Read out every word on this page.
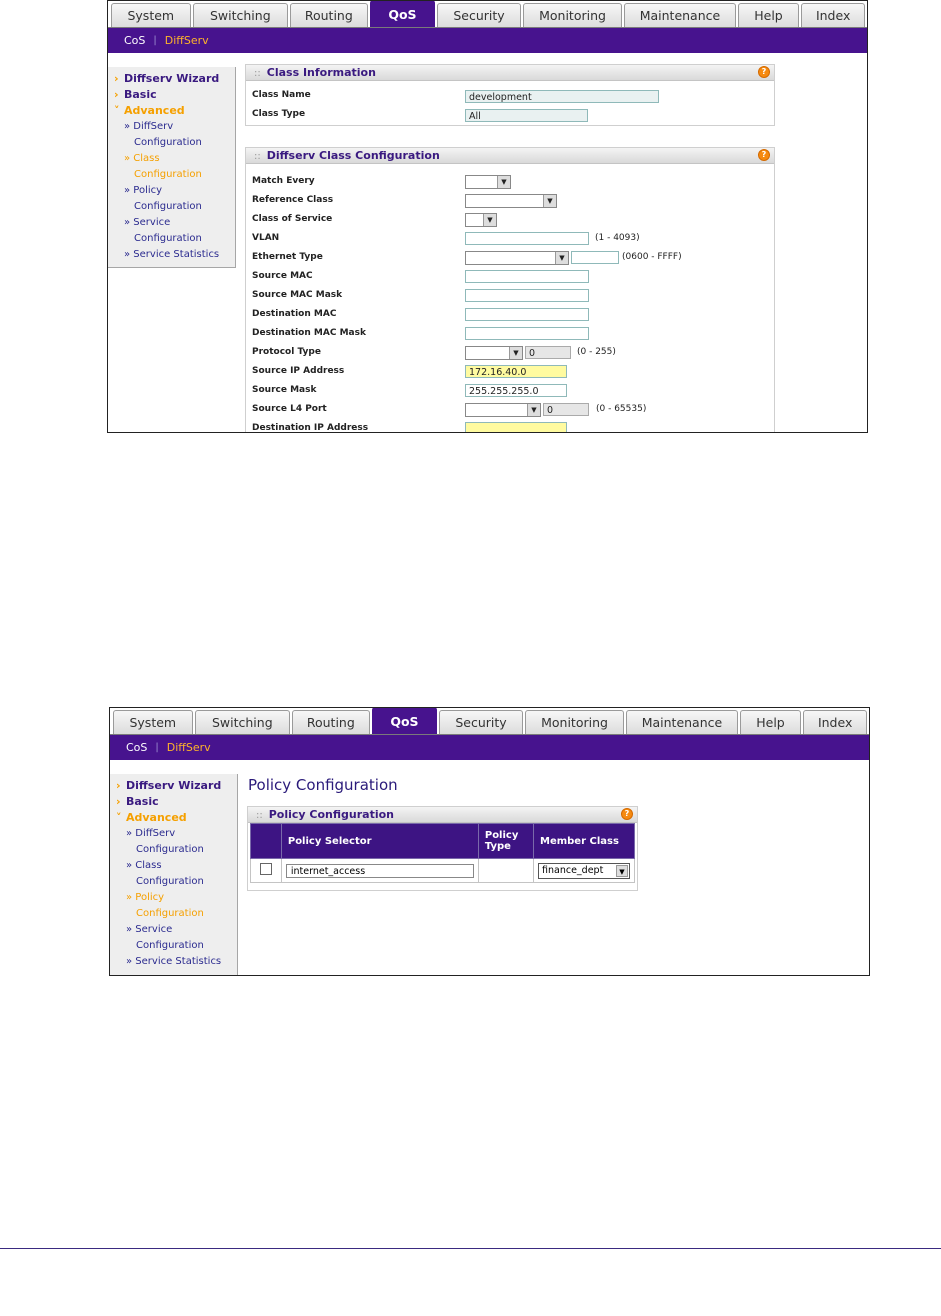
System	Switching	Routing	QoS	Security	Monitoring	Maintenance	Help	Index
CoS | DiffServ
› Diffserv Wizard
› Basic
˅ Advanced
» DiffServ
Configuration
» Class
Configuration
» Policy
Configuration
» Service
Configuration
» Service Statistics
:: Class Information	?
Class Name	development
Class Type	All
:: Diffserv Class Configuration	?
Match Every	▼
Reference Class	▼
Class of Service	▼
VLAN	(1 - 4093)
Ethernet Type	▼	(0600 - FFFF)
Source MAC
Source MAC Mask
Destination MAC
Destination MAC Mask
Protocol Type	▼	0	(0 - 255)
Source IP Address	172.16.40.0
Source Mask	255.255.255.0
Source L4 Port	▼	0	(0 - 65535)
Destination IP Address
System	Switching	Routing	QoS	Security	Monitoring	Maintenance	Help	Index
CoS | DiffServ
› Diffserv Wizard
› Basic
˅ Advanced
» DiffServ
Configuration
» Class
Configuration
» Policy
Configuration
» Service
Configuration
» Service Statistics
Policy Configuration
:: Policy Configuration	?
	Policy Selector	Policy Type	Member Class
	internet_access		finance_dept ▼
